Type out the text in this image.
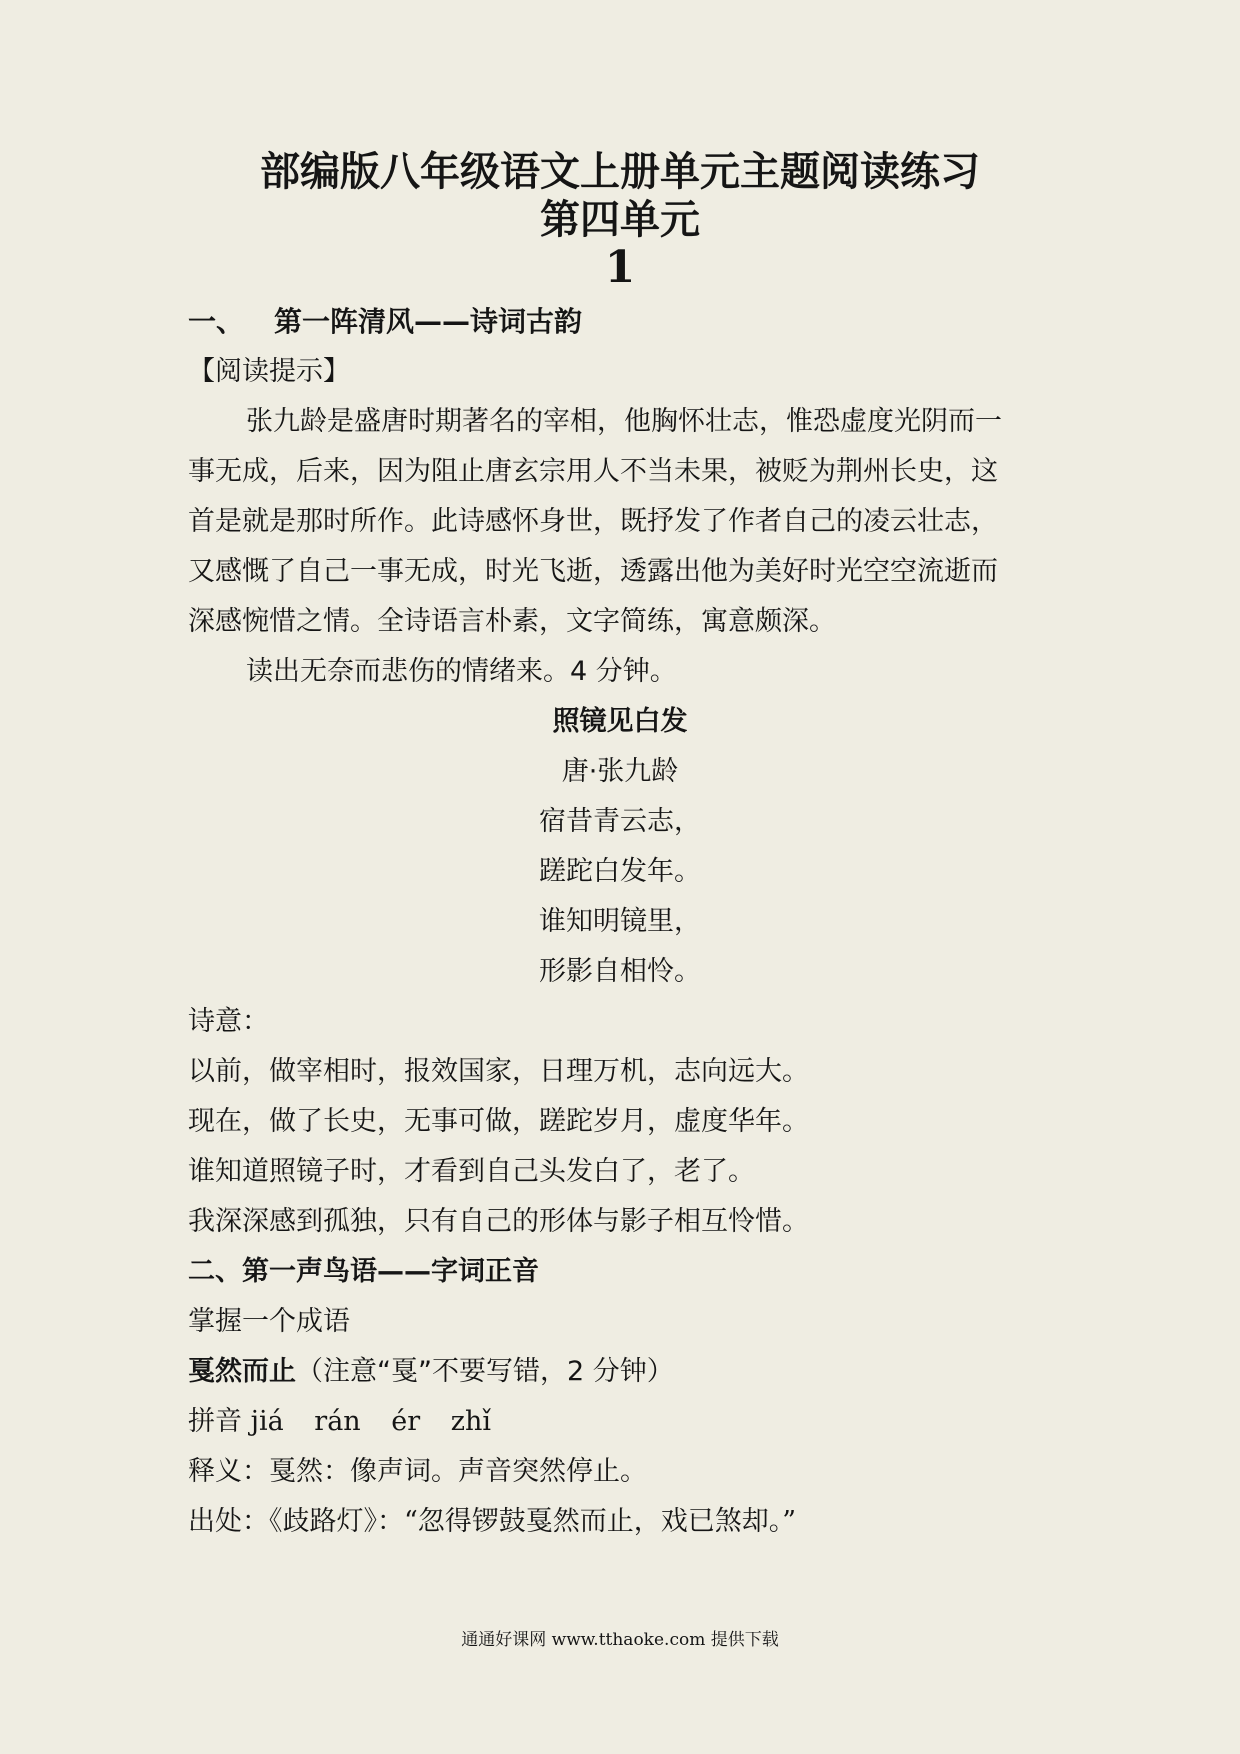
部编版八年级语文上册单元主题阅读练习
第四单元
1
一、 第一阵清风——诗词古韵

【阅读提示】

张九龄是盛唐时期著名的宰相，他胸怀壮志，惟恐虚度光阴而一

事无成，后来，因为阻止唐玄宗用人不当未果，被贬为荆州长史，这

首是就是那时所作。此诗感怀身世，既抒发了作者自己的凌云壮志，

又感慨了自己一事无成，时光飞逝，透露出他为美好时光空空流逝而

深感惋惜之情。全诗语言朴素，文字简练，寓意颇深。

读出无奈而悲伤的情绪来。4 分钟。

照镜见白发

唐·张九龄

宿昔青云志，

蹉跎白发年。

谁知明镜里，

形影自相怜。

诗意：

以前，做宰相时，报效国家，日理万机，志向远大。

现在，做了长史，无事可做，蹉跎岁月，虚度华年。

谁知道照镜子时，才看到自己头发白了，老了。

我深深感到孤独，只有自己的形体与影子相互怜惜。

二、第一声鸟语——字词正音

掌握一个成语

戛然而止（注意“戛”不要写错，2 分钟）

拼音 jiá rán ér zhǐ

释义：戛然：像声词。声音突然停止。

出处：《歧路灯》：“忽得锣鼓戛然而止，戏已煞却。”

通通好课网 www.tthaoke.com 提供下载
